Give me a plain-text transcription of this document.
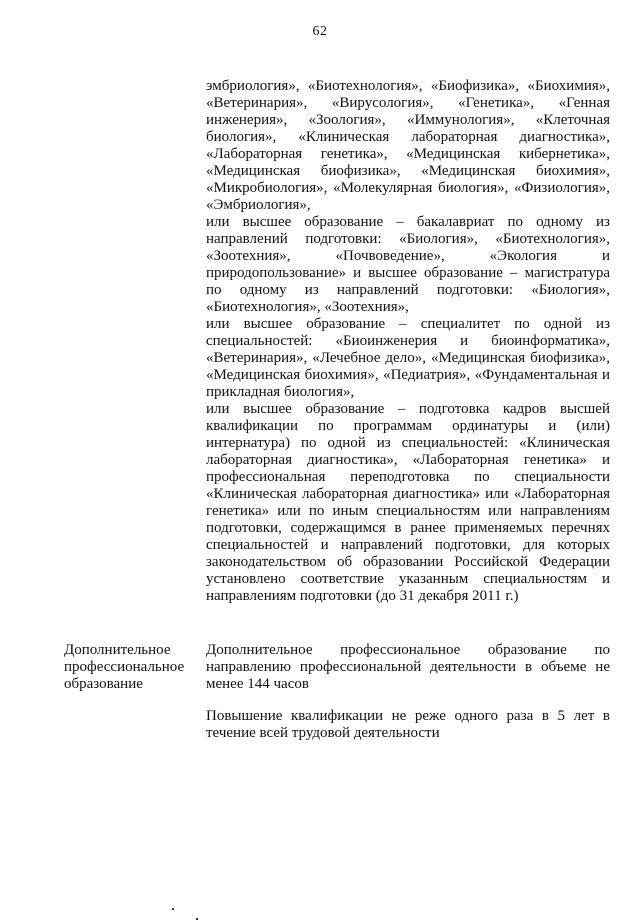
62

эмбриология», «Биотехнология», «Биофизика», «Биохимия», «Ветеринария», «Вирусология», «Генетика», «Генная инженерия», «Зоология», «Иммунология», «Клеточная биология», «Клиническая лабораторная диагностика», «Лабораторная генетика», «Медицинская кибернетика», «Медицинская биофизика», «Медицинская биохимия», «Микробиология», «Молекулярная биология», «Физиология», «Эмбриология»,

или высшее образование – бакалавриат по одному из направлений подготовки: «Биология», «Биотехнология», «Зоотехния», «Почвоведение», «Экология и природопользование» и высшее образование – магистратура по одному из направлений подготовки: «Биология», «Биотехнология», «Зоотехния»,

или высшее образование – специалитет по одной из специальностей: «Биоинженерия и биоинформатика», «Ветеринария», «Лечебное дело», «Медицинская биофизика», «Медицинская биохимия», «Педиатрия», «Фундаментальная и прикладная биология»,

или высшее образование – подготовка кадров высшей квалификации по программам ординатуры и (или) интернатура) по одной из специальностей: «Клиническая лабораторная диагностика», «Лабораторная генетика» и профессиональная переподготовка по специальности «Клиническая лабораторная диагностика» или «Лабораторная генетика» или по иным специальностям или направлениям подготовки, содержащимся в ранее применяемых перечнях специальностей и направлений подготовки, для которых законодательством об образовании Российской Федерации установлено соответствие указанным специальностям и направлениям подготовки (до 31 декабря 2011 г.)

Дополнительное
профессиональное
образование
Дополнительное профессиональное образование по направлению профессиональной деятельности в объеме не менее 144 часов
Повышение квалификации не реже одного раза в 5 лет в течение всей трудовой деятельности
